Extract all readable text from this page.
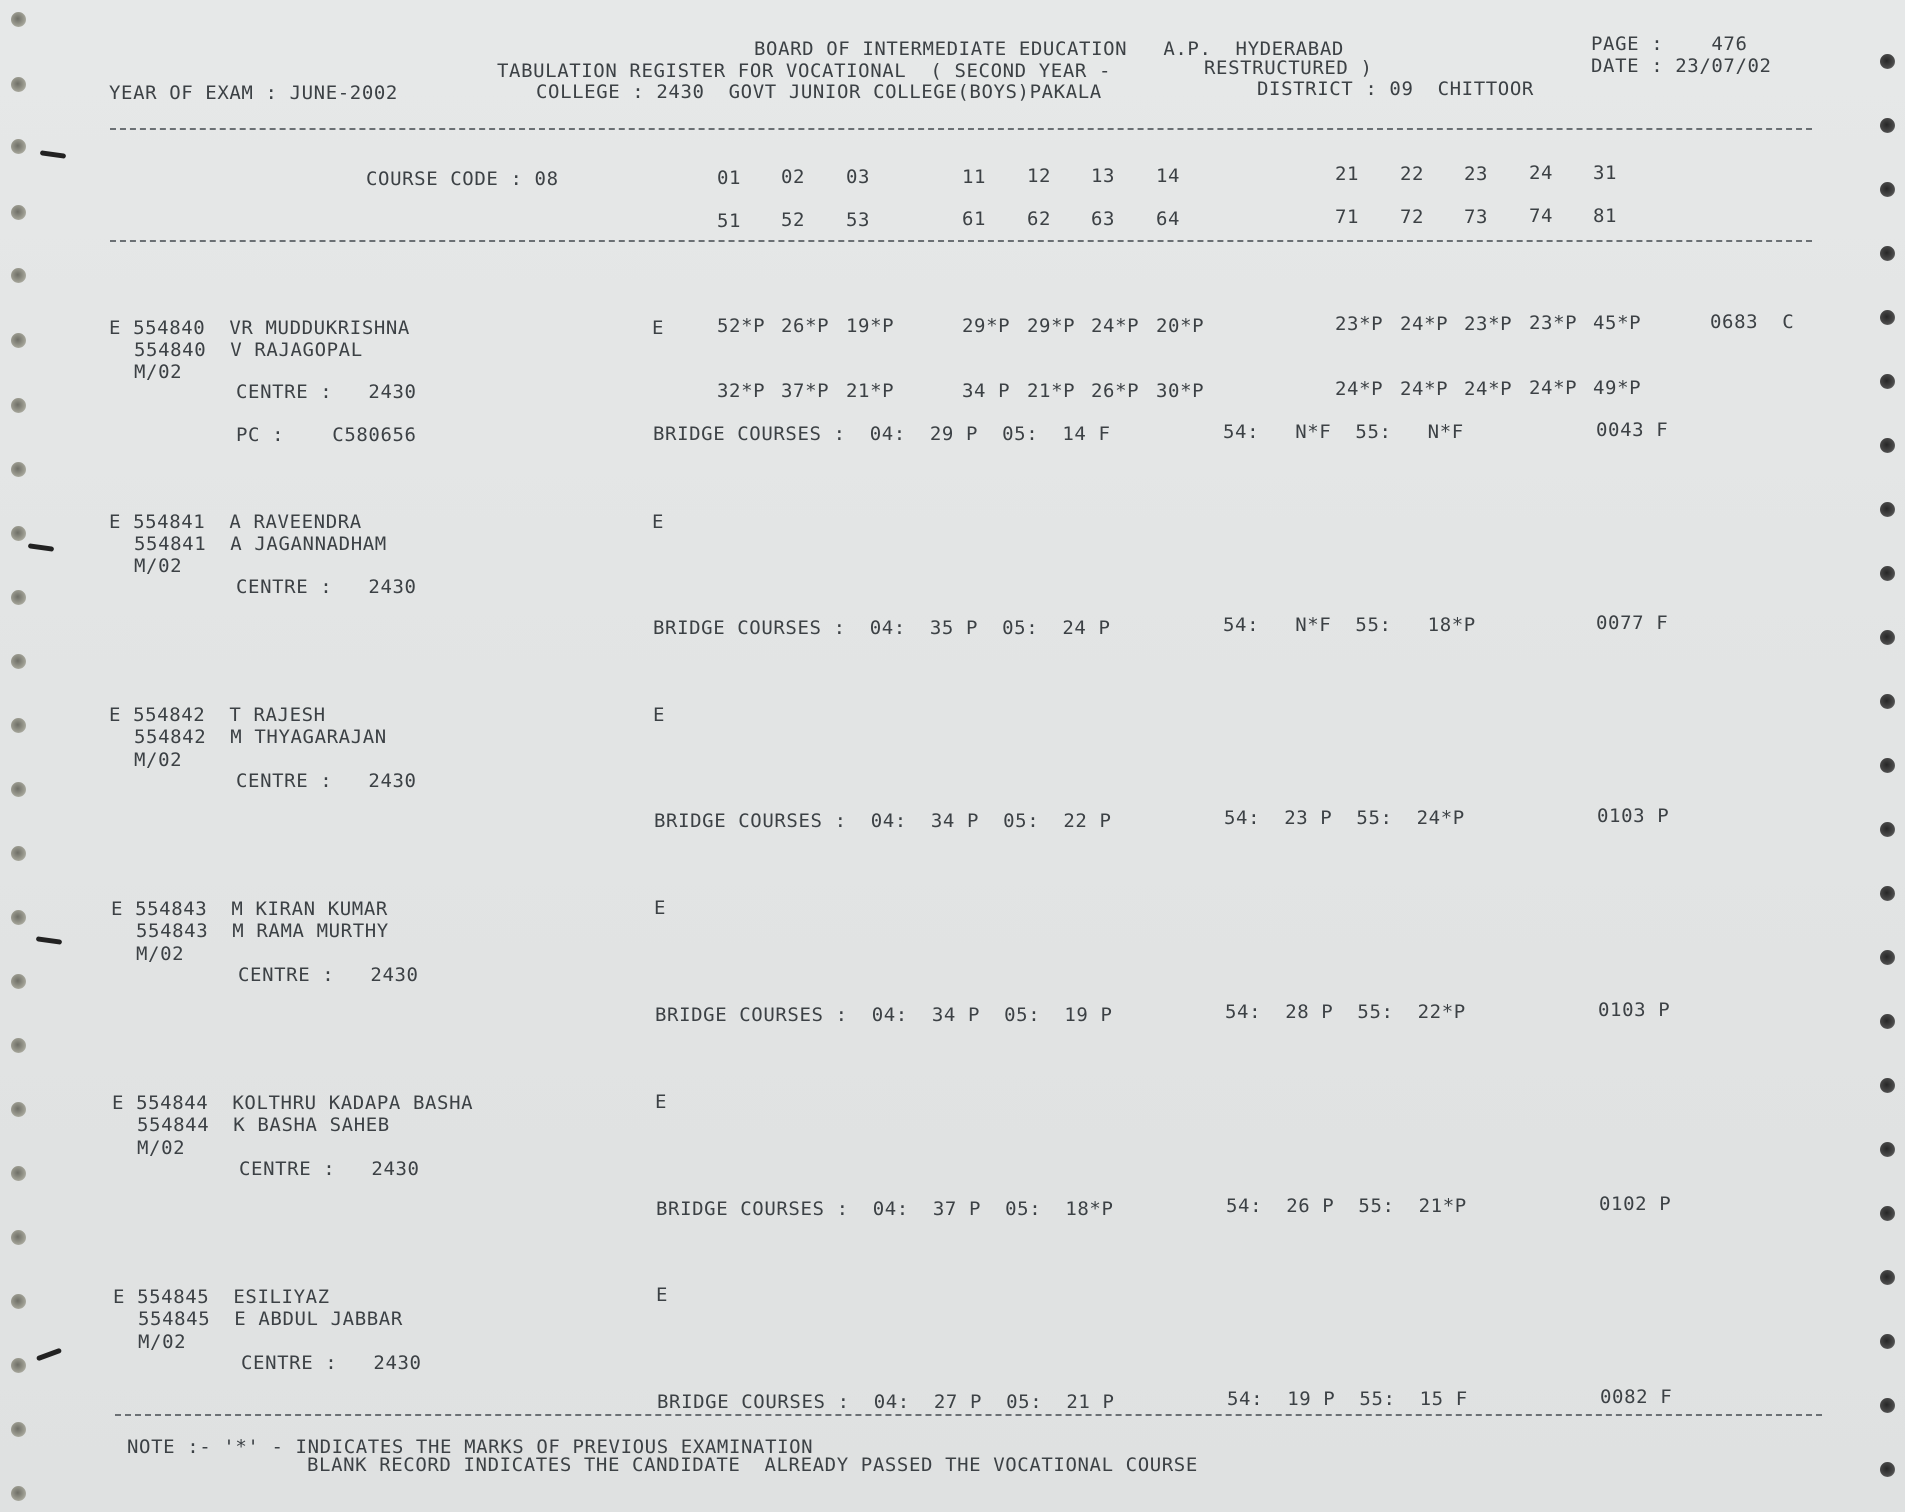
BOARD OF INTERMEDIATE EDUCATION   A.P.  HYDERABAD
TABULATION REGISTER FOR VOCATIONAL  ( SECOND YEAR -	RESTRUCTURED )
COLLEGE : 2430  GOVT JUNIOR COLLEGE(BOYS)PAKALA	DISTRICT : 09  CHITTOOR
YEAR OF EXAM : JUNE-2002
PAGE :    476
DATE : 23/07/02
COURSE CODE : 08	01 02 03	11 12 13 14	21 22 23 24 31
51 52 53	61 62 63 64	71 72 73 74 81
E 554840  VR MUDDUKRISHNA
554840  V RAJAGOPAL
M/02
CENTRE :   2430
PC :    C580656
E	52*P 26*P 19*P	29*P 29*P 24*P 20*P	23*P 24*P 23*P 23*P 45*P	0683  C
32*P 37*P 21*P	34 P 21*P 26*P 30*P	24*P 24*P 24*P 24*P 49*P
BRIDGE COURSES :  04:  29 P  05:  14 F	54:   N*F  55:   N*F	0043 F
E 554841  A RAVEENDRA
554841  A JAGANNADHAM
M/02
CENTRE :   2430
E
BRIDGE COURSES :  04:  35 P  05:  24 P	54:   N*F  55:   18*P	0077 F
E 554842  T RAJESH
554842  M THYAGARAJAN
M/02
CENTRE :   2430
E
BRIDGE COURSES :  04:  34 P  05:  22 P	54:  23 P  55:  24*P	0103 P
E 554843  M KIRAN KUMAR
554843  M RAMA MURTHY
M/02
CENTRE :   2430
E
BRIDGE COURSES :  04:  34 P  05:  19 P	54:  28 P  55:  22*P	0103 P
E 554844  KOLTHRU KADAPA BASHA
554844  K BASHA SAHEB
M/02
CENTRE :   2430
E
BRIDGE COURSES :  04:  37 P  05:  18*P	54:  26 P  55:  21*P	0102 P
E 554845  ESILIYAZ
554845  E ABDUL JABBAR
M/02
CENTRE :   2430
E
BRIDGE COURSES :  04:  27 P  05:  21 P	54:  19 P  55:  15 F	0082 F
NOTE :- '*' - INDICATES THE MARKS OF PREVIOUS EXAMINATION
BLANK RECORD INDICATES THE CANDIDATE  ALREADY PASSED THE VOCATIONAL COURSE
